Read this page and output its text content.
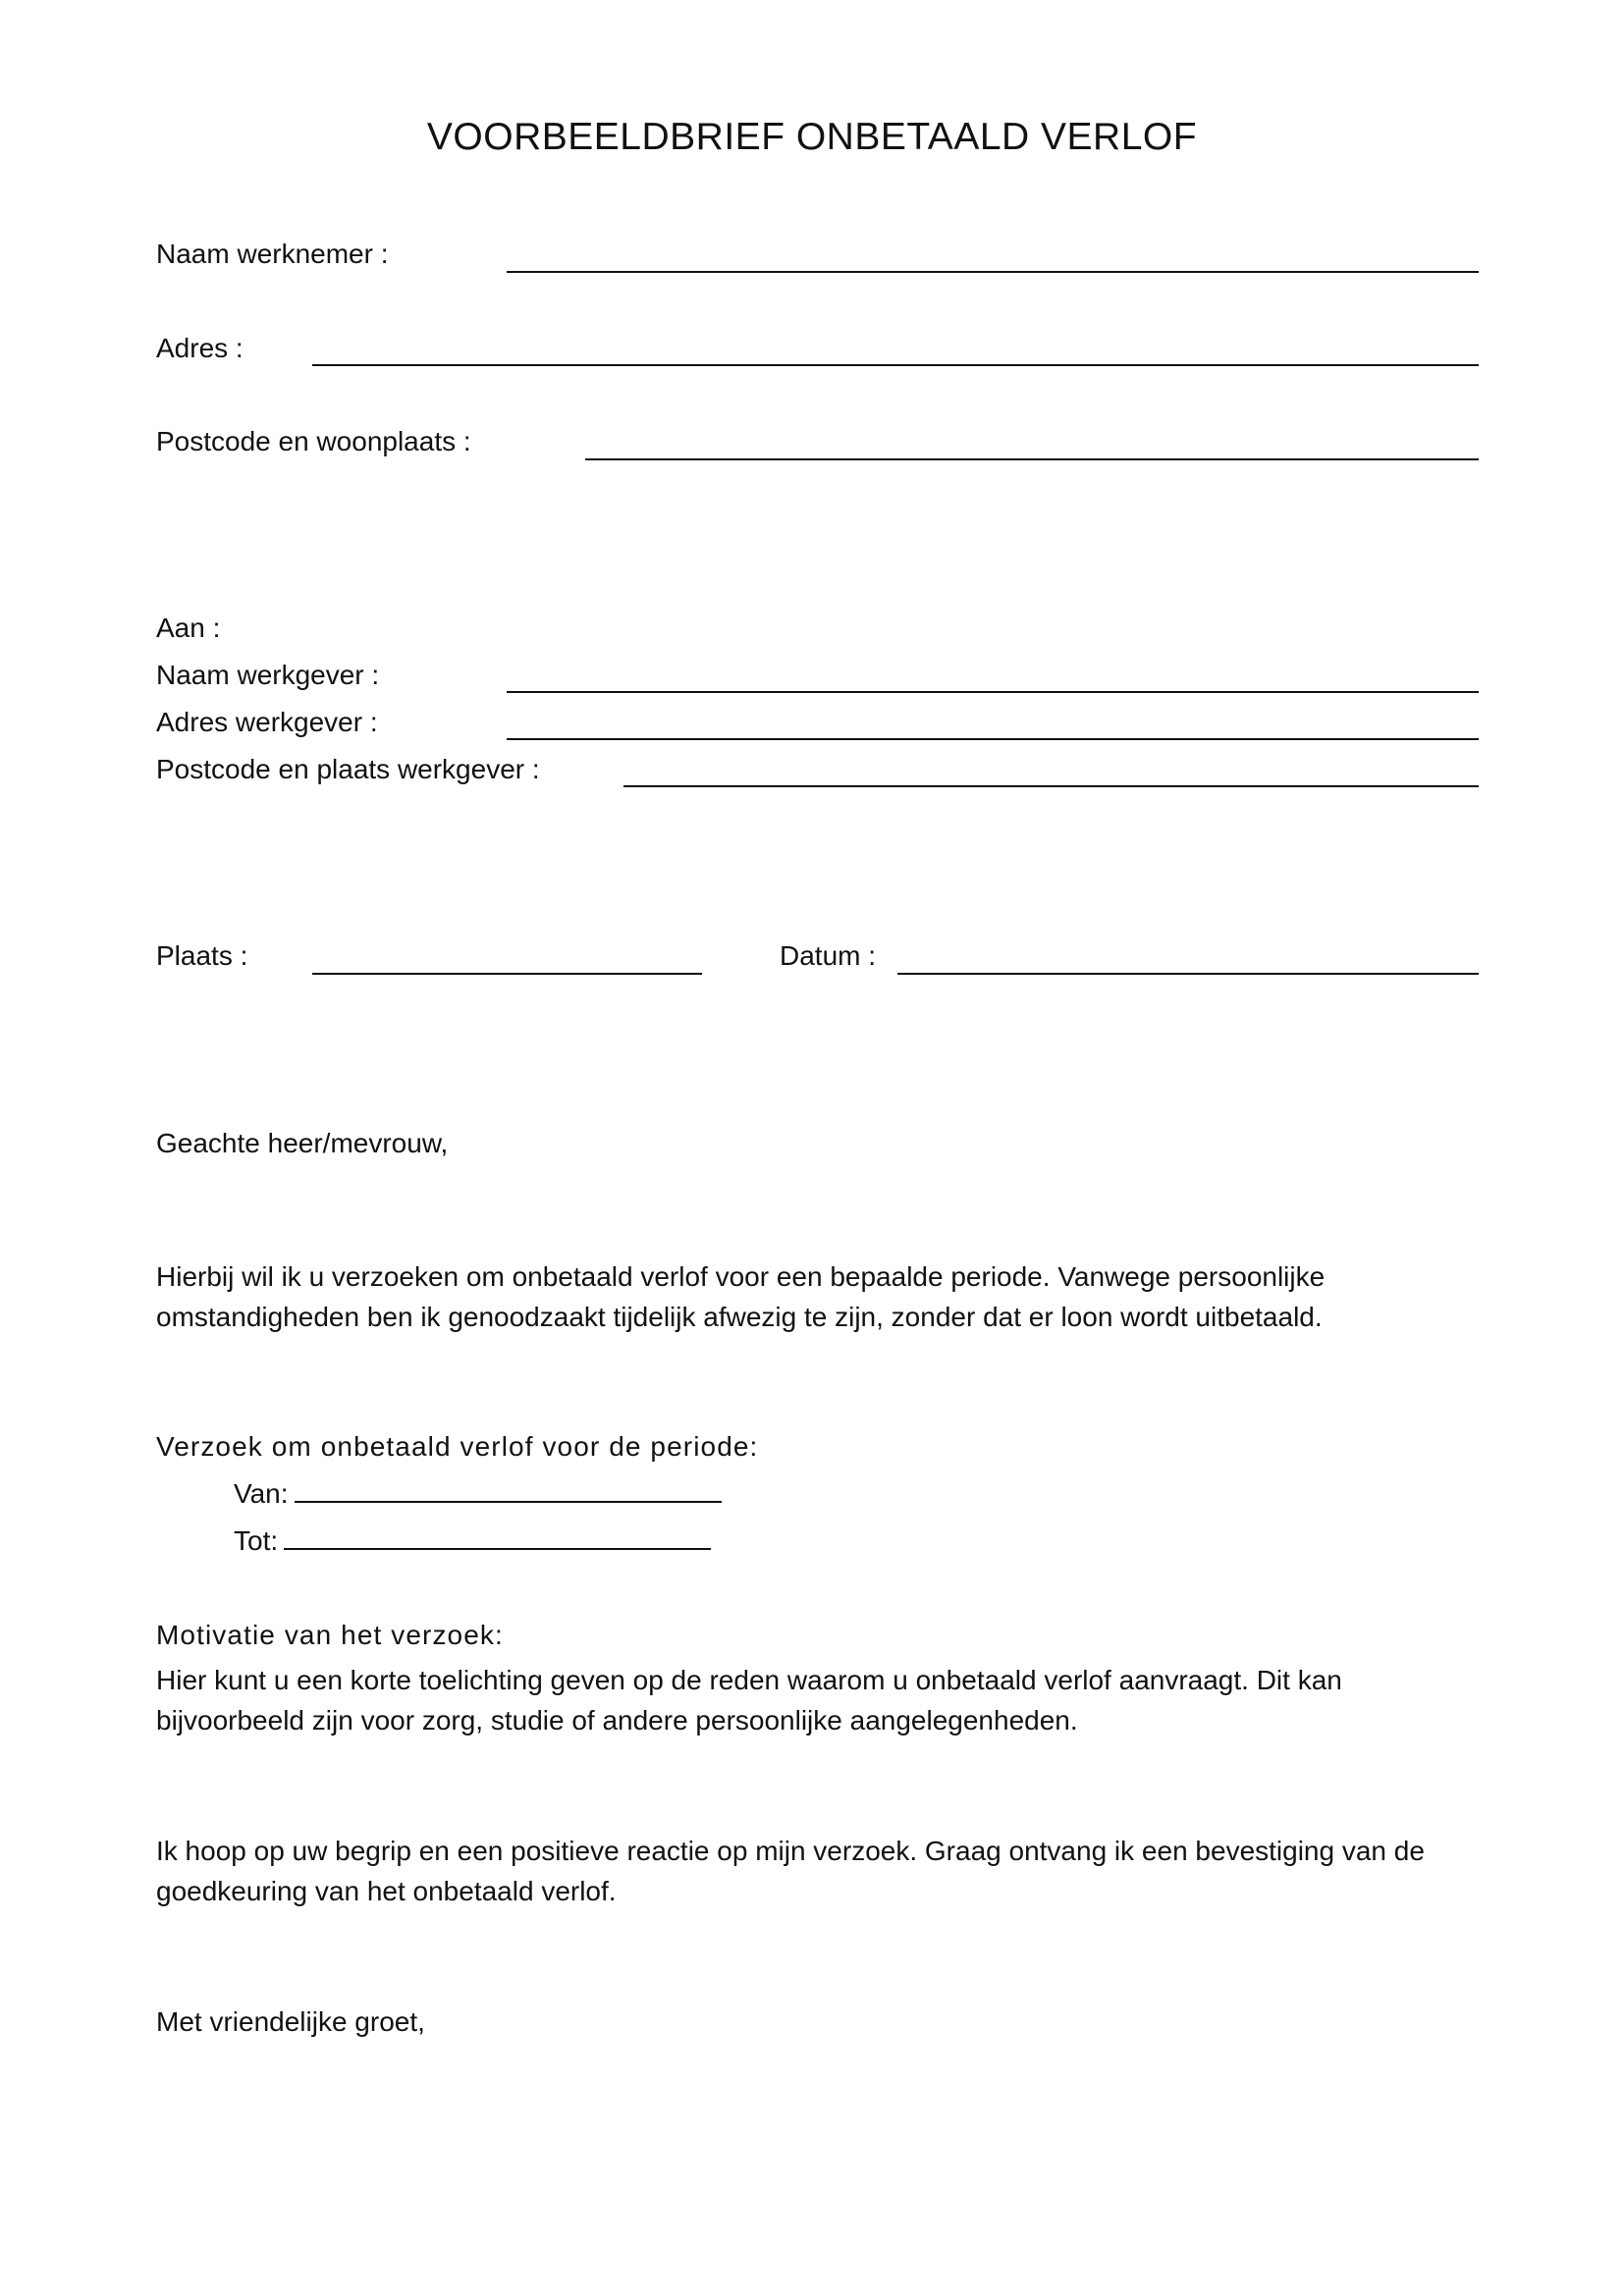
VOORBEELDBRIEF ONBETAALD VERLOF
Naam werknemer :
Adres :
Postcode en woonplaats :
Aan :
Naam werkgever :
Adres werkgever :
Postcode en plaats werkgever :
Plaats :	Datum :
Geachte heer/mevrouw,

Hierbij wil ik u verzoeken om onbetaald verlof voor een bepaalde periode. Vanwege persoonlijke

omstandigheden ben ik genoodzaakt tijdelijk afwezig te zijn, zonder dat er loon wordt uitbetaald.

Verzoek om onbetaald verlof voor de periode:
Van:
Tot:
Motivatie van het verzoek:

Hier kunt u een korte toelichting geven op de reden waarom u onbetaald verlof aanvraagt. Dit kan

bijvoorbeeld zijn voor zorg, studie of andere persoonlijke aangelegenheden.

Ik hoop op uw begrip en een positieve reactie op mijn verzoek. Graag ontvang ik een bevestiging van de

goedkeuring van het onbetaald verlof.

Met vriendelijke groet,
